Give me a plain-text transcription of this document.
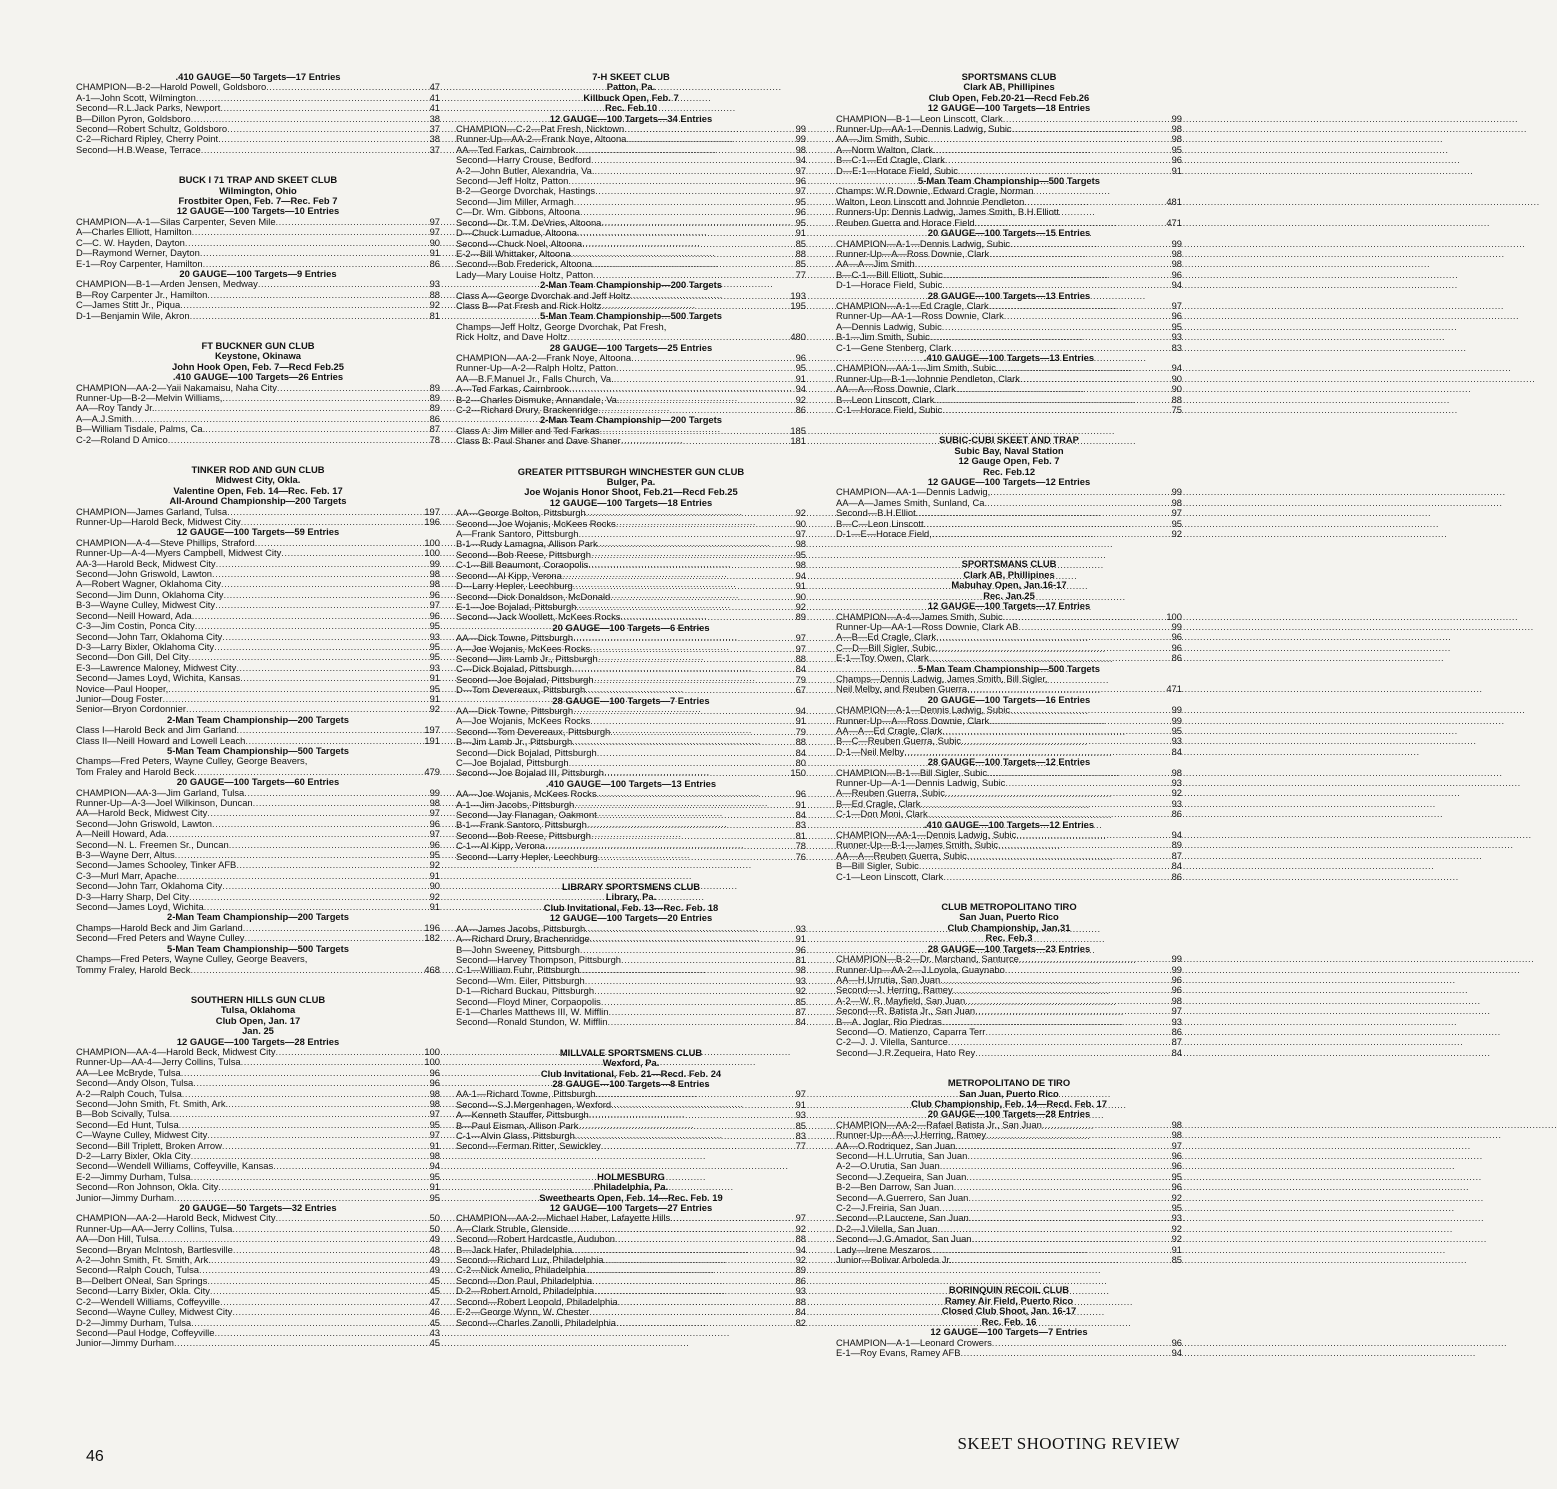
.410 GAUGE—50 Targets—17 Entries
CHAMPION—B-2—Harold Powell, Goldsboro .....	47
A-1—John Scott, Wilmington .....	41
Second—R.L.Jack Parks, Newport .....	41
B—Dillon Pyron, Goldsboro .....	38
Second—Robert Schultz, Goldsboro .....	37
C-2—Richard Ripley, Cherry Point .....	38
Second—H.B.Wease, Terrace .....	37
BUCK I 71 TRAP AND SKEET CLUB
Wilmington, Ohio
Frostbiter Open, Feb. 7—Rec. Feb 7
12 GAUGE—100 Targets—10 Entries
CHAMPION—A-1—Silas Carpenter, Seven Mile .....	97
A—Charles Elliott, Hamilton .....	97
C—C. W. Hayden, Dayton .....	90
D—Raymond Werner, Dayton .....	91
E-1—Roy Carpenter, Hamilton .....	86
20 GAUGE—100 Targets—9 Entries
CHAMPION—B-1—Arden Jensen, Medway .....	93
B—Roy Carpenter Jr., Hamilton .....	88
C—James Stitt Jr., Piqua .....	92
D-1—Benjamin Wile, Akron .....	81
FT BUCKNER GUN CLUB
Keystone, Okinawa
John Hook Open, Feb. 7—Recd Feb.25
.410 GAUGE—100 Targets—26 Entries
CHAMPION—AA-2—Yaii Nakamaisu, Naha City .....	89
Runner-Up—B-2—Melvin Williams, .....	89
AA—Roy Tandy Jr. .....	89
A—A.J.Smith .....	86
B—William Tisdale, Palms, Ca. .....	87
C-2—Roland D Amico .....	78
TINKER ROD AND GUN CLUB
Midwest City, Okla.
Valentine Open, Feb. 14—Rec. Feb. 17
All-Around Championship—200 Targets
CHAMPION—James Garland, Tulsa .....	197
Runner-Up—Harold Beck, Midwest City .....	196
12 GAUGE—100 Targets—59 Entries
CHAMPION—A-4—Steve Phillips, Straford .....	100
Runner-Up—A-4—Myers Campbell, Midwest City .....	100
AA-3—Harold Beck, Midwest City .....	99
Second—John Griswold, Lawton .....	98
A—Robert Wagner, Oklahoma City .....	98
Second—Jim Dunn, Oklahoma City .....	96
B-3—Wayne Culley, Midwest City .....	97
Second—Neill Howard, Ada .....	96
C-3—Jim Costin, Ponca City .....	95
Second—John Tarr, Oklahoma City .....	93
D-3—Larry Bixler, Oklahoma City .....	95
Second—Don Gill, Del City .....	95
E-3—Lawrence Maloney, Midwest City .....	93
Second—James Loyd, Wichita, Kansas .....	91
Novice—Paul Hooper, .....	95
Junior—Doug Foster .....	91
Senior—Bryon Cordonnier .....	92
2-Man Team Championship—200 Targets
Class I—Harold Beck and Jim Garland .....	197
Class II—Neill Howard and Lowell Leach .....	191
5-Man Team Championship—500 Targets
Champs—Fred Peters, Wayne Culley, George Beavers,
Tom Fraley and Harold Beck .....	479
20 GAUGE—100 Targets—60 Entries
CHAMPION—AA-3—Jim Garland, Tulsa .....	99
Runner-Up—A-3—Joel Wilkinson, Duncan .....	98
AA—Harold Beck, Midwest City .....	97
Second—John Griswold, Lawton .....	96
A—Neill Howard, Ada .....	97
Second—N. L. Freemen Sr., Duncan .....	96
B-3—Wayne Derr, Altus .....	95
Second—James Schooley, Tinker AFB .....	92
C-3—Murl Marr, Apache .....	91
Second—John Tarr, Oklahoma City .....	90
D-3—Harry Sharp, Del City .....	92
Second—James Loyd, Wichita .....	91
2-Man Team Championship—200 Targets
Champs—Harold Beck and Jim Garland .....	196
Second—Fred Peters and Wayne Culley .....	182
5-Man Team Championship—500 Targets
Champs—Fred Peters, Wayne Culley, George Beavers,
Tommy Fraley, Harold Beck .....	468
SOUTHERN HILLS GUN CLUB
Tulsa, Oklahoma
Club Open, Jan. 17
Jan. 25
12 GAUGE—100 Targets—28 Entries
CHAMPION—AA-4—Harold Beck, Midwest City .....	100
Runner-Up—AA-4—Jerry Collins, Tulsa .....	100
AA—Lee McBryde, Tulsa .....	96
Second—Andy Olson, Tulsa .....	96
A-2—Ralph Couch, Tulsa .....	98
Second—John Smith, Ft. Smith, Ark. .....	98
B—Bob Scivally, Tulsa .....	97
Second—Ed Hunt, Tulsa .....	95
C—Wayne Culley, Midwest City .....	97
Second—Bill Triplett, Broken Arrow .....	91
D-2—Larry Bixler, Okla City .....	98
Second—Wendell Williams, Coffeyville, Kansas .....	94
E-2—Jimmy Durham, Tulsa .....	95
Second—Ron Johnson, Okla. City .....	91
Junior—Jimmy Durham .....	95
20 GAUGE—50 Targets—32 Entries
CHAMPION—AA-2—Harold Beck, Midwest City .....	50
Runner-Up—AA—Jerry Collins, Tulsa .....	50
AA—Don Hill, Tulsa .....	49
Second—Bryan McIntosh, Bartlesville .....	48
A-2—John Smith, Ft. Smith, Ark. .....	49
Second—Ralph Couch, Tulsa .....	49
B—Delbert ONeal, San Springs .....	45
Second—Larry Bixler, Okla. City .....	45
C-2—Wendell Williams, Coffeyville .....	47
Second—Wayne Culley, Midwest City .....	46
D-2—Jimmy Durham, Tulsa .....	45
Second—Paul Hodge, Coffeyville .....	43
Junior—Jimmy Durham .....	45
7-H SKEET CLUB
Patton, Pa.
Killbuck Open, Feb. 7
Rec. Feb.10
12 GAUGE—100 Targets—34 Entries
CHAMPION—C-2—Pat Fresh, Nicktown .....	99
Runner-Up—AA-2—Frank Noye, Altoona .....	99
AA—Ted Farkas, Cairnbrook .....	98
Second—Harry Crouse, Bedford .....	94
A-2—John Butler, Alexandria, Va. .....	97
Second—Jeff Holtz, Patton .....	96
B-2—George Dvorchak, Hastings .....	97
Second—Jim Miller, Armagh .....	95
C—Dr. Wm. Gibbons, Altoona .....	96
Second—Dr. T.M. DeVries, Altoona .....	95
D—Chuck Lumadue, Altoona .....	91
Second—Chuck Noel, Altoona .....	85
E-2—Bill Whittaker, Altoona .....	88
Second—Bob Frederick, Altoona .....	85
Lady—Mary Louise Holtz, Patton .....	77
2-Man Team Championship—200 Targets
Class A—George Dvorchak and Jeff Holtz .....	193
Class B—Pat Fresh and Rick Holtz .....	195
5-Man Team Championship—500 Targets
Champs—Jeff Holtz, George Dvorchak, Pat Fresh,
Rick Holtz, and Dave Holtz .....	480
28 GAUGE—100 Targets—25 Entries
CHAMPION—AA-2—Frank Noye, Altoona .....	96
Runner-Up—A-2—Ralph Holtz, Patton .....	95
AA—B.F.Manuel Jr., Falls Church, Va. .....	91
A—Ted Farkas, Cairnbrook .....	94
B-2—Charles Dismuke, Annandale, Va. .....	92
C-2—Richard Drury, Brackenridge .....	86
2-Man Team Championship—200 Targets
Class A: Jim Miller and Ted Farkas .....	185
Class B: Paul Shaner and Dave Shaner .....	181
GREATER PITTSBURGH WINCHESTER GUN CLUB
Bulger, Pa.
Joe Wojanis Honor Shoot, Feb.21—Recd Feb.25
12 GAUGE—100 Targets—18 Entries
AA—George Bolton, Pittsburgh .....	92
Second—Joe Wojanis, McKees Rocks .....	90
A—Frank Santoro, Pittsburgh .....	97
B-1—Rudy Lamagna, Allison Park .....	98
Second—Bob Reese, Pittsburgh .....	95
C-1—Bill Beaumont, Coraopolis .....	98
Second—Al Kipp, Verona .....	94
D—Larry Hepler, Leechburg .....	91
Second—Dick Donaldson, McDonald .....	90
E-1—Joe Bojalad, Pittsburgh .....	92
Second—Jack Woollett, McKees Rocks .....	89
20 GAUGE—100 Targets—6 Entries
AA—Dick Towne, Pittsburgh .....	97
A—Joe Wojanis, McKees Rocks .....	97
Second—Jim Lamb Jr., Pittsburgh .....	88
C—Dick Bojalad, Pittsburgh .....	84
Second—Joe Bojalad, Pittsburgh .....	79
D—Tom Devereaux, Pittsburgh .....	67
28 GAUGE—100 Targets—7 Entries
AA—Dick Towne, Pittsburgh .....	94
A—Joe Wojanis, McKees Rocks .....	91
Second—Tom Devereaux, Pittsburgh .....	79
B—Jim Lamb Jr., Pittsburgh .....	88
Second—Dick Bojalad, Pittsburgh .....	84
C—Joe Bojalad, Pittsburgh .....	80
Second—Joe Bojalad III, Pittsburgh .....	150
.410 GAUGE—100 Targets—13 Entries
AA—Joe Wojanis, McKees Rocks .....	96
A-1—Jim Jacobs, Pittsburgh .....	91
Second—Jay Flanagan, Oakmont .....	84
B-1—Frank Santoro, Pittsburgh .....	83
Second—Bob Reese, Pittsburgh .....	81
C-1—Al Kipp, Verona .....	78
Second—Larry Hepler, Leechburg .....	76
LIBRARY SPORTSMENS CLUB
Library, Pa.
Club Invitational, Feb. 13—Rec. Feb. 18
12 GAUGE—100 Targets—20 Entries
AA—James Jacobs, Pittsburgh .....	93
A—Richard Drury, Brachenridge .....	91
B—John Sweeney, Pittsburgh .....	96
Second—Harvey Thompson, Pittsburgh .....	81
C-1—William Fuhr, Pittsburgh .....	98
Second—Wm. Eiler, Pittsburgh .....	93
D-1—Richard Buckau, Pittsburgh .....	92
Second—Floyd Miner, Corpaopolis .....	85
E-1—Charles Matthews III, W. Mifflin .....	87
Second—Ronald Stundon, W. Mifflin .....	84
MILLVALE SPORTSMENS CLUB
Wexford, Pa.
Club Invitational, Feb. 21—Recd. Feb. 24
28 GAUGE—100 Targets—8 Entries
AA-1—Richard Towne, Pittsburgh .....	97
Second—S.J.Mergenhagen, Wexford .....	91
A—Kenneth Stauffer, Pittsburgh .....	93
B—Paul Eisman, Allison Park .....	85
C-1—Alvin Glass, Pittsburgh .....	83
Second—Ferman Ritter, Sewickley .....	77
HOLMESBURG
Philadelphia, Pa.
Sweethearts Open, Feb. 14—Rec. Feb. 19
12 GAUGE—100 Targets—27 Entries
CHAMPION—AA-2—Michael Haber, Lafayette Hills .....	97
A—Clark Struble, Glenside .....	92
Second—Robert Hardcastle, Audubon .....	88
B—Jack Hafer, Philadelphia .....	94
Second—Richard Luz, Philadelphia .....	92
C-2—Nick Amelio, Philadelphia .....	89
Second—Don Paul, Philadelphia .....	86
D-2—Robert Arnold, Philadelphia .....	93
Second—Robert Leopold, Philadelphia .....	88
E-2—George Wynn, W. Chester .....	84
Second—Charles Zanolli, Philadelphia .....	82
SPORTSMANS CLUB
Clark AB, Phillipines
Club Open, Feb.20-21—Recd Feb.26
12 GAUGE—100 Targets—18 Entries
CHAMPION—B-1—Leon Linscott, Clark .....	99
Runner-Up—AA-1—Dennis Ladwig, Subic .....	98
AA—Jim Smith, Subic .....	98
A—Norm Walton, Clark .....	95
B—C-1—Ed Cragle, Clark .....	96
D—E-1—Horace Field, Subic .....	91
5-Man Team Championship—500 Targets
Champs: W.R.Downie, Edward Cragle, Norman
Walton, Leon Linscott and Johnnie Pendleton .....	481
Runners-Up: Dennis Ladwig, James Smith, B.H.Elliott
Reuben Guerra and Horace Field .....	471
20 GAUGE—100 Targets—15 Entries
CHAMPION—A-1—Dennis Ladwig, Subic .....	99
Runner-Up—A—Ross Downie, Clark .....	98
AA—A—Jim Smith .....	98
B—C-1—Bill Elliott, Subic .....	96
D-1—Horace Field, Subic .....	94
28 GAUGE—100 Targets—13 Entries
CHAMPION—A-1—Ed Cragle, Clark .....	97
Runner-Up—AA-1—Ross Downie, Clark .....	96
A—Dennis Ladwig, Subic .....	95
B-1—Jim Smith, Subic .....	93
C-1—Gene Stenberg, Clark .....	83
.410 GAUGE—100 Targets—13 Entries
CHAMPION—AA-1—Jim Smith, Subic .....	94
Runner-Up—B-1—Johnnie Pendleton, Clark .....	90
AA—A—Ross Downie, Clark .....	90
B—Leon Linscott, Clark .....	88
C-1—Horace Field, Subic .....	75
SUBIC-CUBI SKEET AND TRAP
Subic Bay, Naval Station
12 Gauge Open, Feb. 7
Rec. Feb.12
12 GAUGE—100 Targets—12 Entries
CHAMPION—AA-1—Dennis Ladwig, .....	99
AA—A—James Smith, Sunland, Ca. .....	98
Second—B.H.Elliot .....	97
B—C—Leon Linscott .....	95
D-1—E—Horace Field, .....	92
SPORTSMANS CLUB
Clark AB, Phillipines
Mabuhay Open, Jan.16-17
Rec. Jan.25
12 GAUGE—100 Targets—17 Entries
CHAMPION—A-4—James Smith, Subic .....	100
Runner-Up—AA-1—Ross Downie, Clark AB .....	99
A—B—Ed Cragle, Clark .....	96
C—D—Bill Sigler, Subic .....	96
E-1—Toy Owen, Clark .....	86
5-Man Team Championship—500 Targets
Champs—Dennis Ladwig, James Smith, Bill Sigler,
Neil Melby, and Reuben Guerra .....	471
20 GAUGE—100 Targets—16 Entries
CHAMPION—A-1—Dennis Ladwig, Subic .....	99
Runner-Up—A—Ross Downie, Clark .....	99
AA—A—Ed Cragle, Clark .....	95
B—C—Reuben Guerra, Subic .....	93
D-1—Neil Melby .....	84
28 GAUGE—100 Targets—12 Entries
CHAMPION—B-1—Bill Sigler, Subic .....	98
Runner-Up—A-1—Dennis Ladwig, Subic .....	93
A—Reuben Guerra, Subic .....	92
B—Ed Cragle, Clark .....	93
C-1—Don Moni, Clark .....	86
.410 GAUGE—100 Targets—12 Entries
CHAMPION—AA-1—Dennis Ladwig, Subic .....	94
Runner-Up—B-1—James Smith, Subic .....	89
AA—A—Reuben Guerra, Subic .....	87
B—Bill Sigler, Subic .....	84
C-1—Leon Linscott, Clark .....	86
CLUB METROPOLITANO TIRO
San Juan, Puerto Rico
Club Championship, Jan.31
Rec. Feb.3
28 GAUGE—100 Targets—23 Entries
CHAMPION—B-2—Dr. Marchand, Santurce .....	99
Runner-Up—AA-2—J.Loyola, Guaynabo .....	99
AA—H.Urrutia, San Juan .....	96
Second—J. Herring, Ramey .....	96
A-2—W. R. Mayfield, San Juan .....	98
Second—R. Batista Jr., San Juan .....	97
B—A. Joglar, Rio Piedras .....	93
Second—O. Matienzo, Caparra Terr .....	86
C-2—J. J. Vilella, Santurce .....	87
Second—J.R.Zequeira, Hato Rey .....	84
METROPOLITANO DE TIRO
San Juan, Puerto Rico
Club Championship, Feb. 14—Recd. Feb. 17
20 GAUGE—100 Targets—28 Entries
CHAMPION—AA-2—Rafael Batista Jr., San Juan .....	98
Runner-Up—AA—J.Herring, Ramey .....	98
AA—O.Rodriquez, San Juan .....	97
Second—H.L.Urrutia, San Juan .....	96
A-2—O.Urutia, San Juan .....	96
Second—J.Zequeira, San Juan .....	95
B-2—Ben Darrow, San Juan .....	96
Second—A.Guerrero, San Juan .....	92
C-2—J.Freiria, San Juan .....	95
Second—P.Laucrene, San Juan .....	93
D-2—J.Vilella, San Juan .....	92
Second—J.G.Amador, San Juan .....	92
Lady—Irene Meszaros .....	91
Junior—Bolivar Arboleda Jr. .....	85
BORINQUIN RECOIL CLUB
Ramey Air Field, Puerto Rico
Closed Club Shoot, Jan. 16-17
Rec. Feb. 16
12 GAUGE—100 Targets—7 Entries
CHAMPION—A-1—Leonard Crowers .....	96
E-1—Roy Evans, Ramey AFB .....	94
46
SKEET SHOOTING REVIEW
